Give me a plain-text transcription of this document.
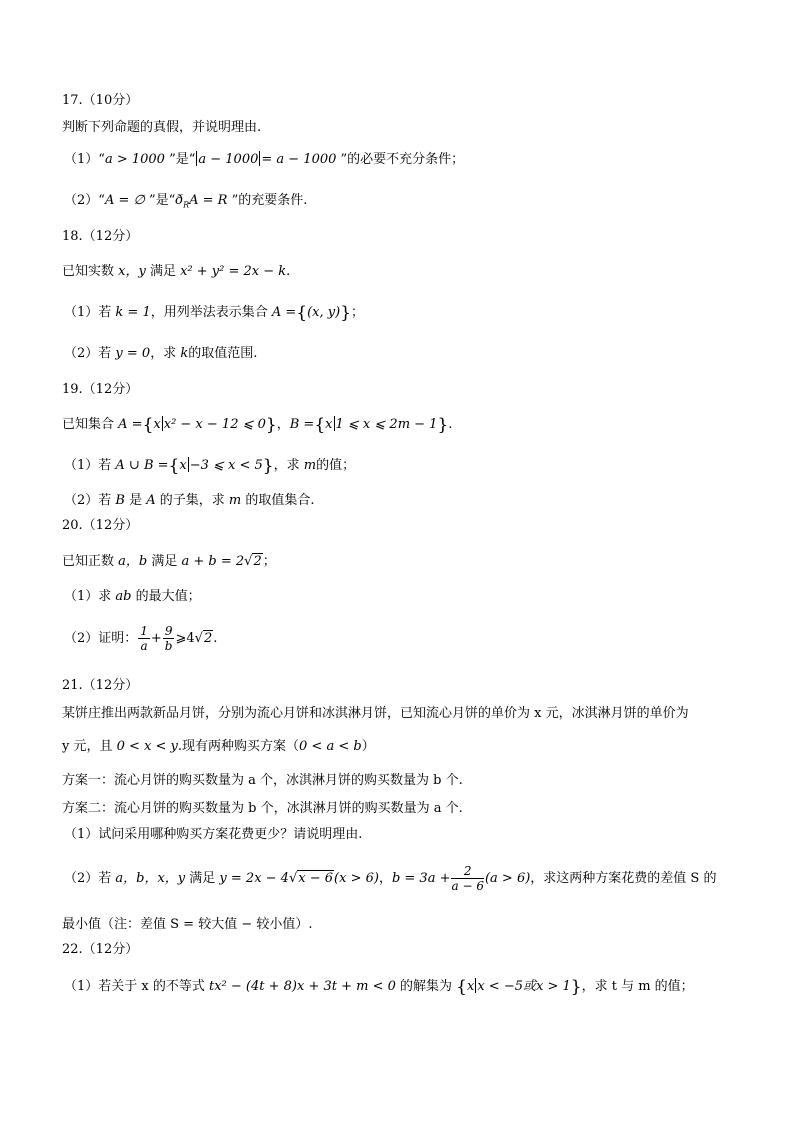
17.（10分）
判断下列命题的真假，并说明理由.
（1）“a > 1000 ”是“ a − 1000 = a − 1000 ”的必要不充分条件；
（2）“A = ∅ ”是“$ð_RA = R$ ”的充要条件.
18.（12分）
已知实数 x，y 满足 x² + y² = 2x − k.
（1）若 k = 1，用列举法表示集合 A ={(x, y)}；
（2）若 y = 0，求 k的取值范围.
19.（12分）
已知集合 A ={x x² − x − 12 ⩽ 0}，B ={x 1 ⩽ x ⩽ 2m − 1}.
（1）若 A ∪ B ={x −3 ⩽ x < 5}，求 m的值；
（2）若 B 是 A 的子集，求 m 的取值集合.
20.（12分）
已知正数 a，b 满足 a + b = 2√2；
（1）求 ab 的最大值；
（2）证明： $\frac{1}{a} + \frac{9}{b}$ ⩾4√2.
21.（12分）
某饼庄推出两款新品月饼，分别为流心月饼和冰淇淋月饼，已知流心月饼的单价为 x 元，冰淇淋月饼的单价为
y 元，且 0 < x < y.现有两种购买方案（0 < a < b）
方案一：流心月饼的购买数量为 a 个，冰淇淋月饼的购买数量为 b 个.
方案二：流心月饼的购买数量为 b 个，冰淇淋月饼的购买数量为 a 个.
（1）试问采用哪种购买方案花费更少？请说明理由.
（2）若 a，b，x，y 满足 y = 2x − 4√x − 6(x > 6)，$b = 3a + \frac{2}{a - 6} (a > 6)$，求这两种方案花费的差值 S 的
最小值（注：差值 S = 较大值 − 较小值）.
22.（12分）
（1）若关于 x 的不等式 tx² − (4t + 8)x + 3t + m < 0 的解集为 {x x < −5或x > 1}，求 t 与 m 的值；
